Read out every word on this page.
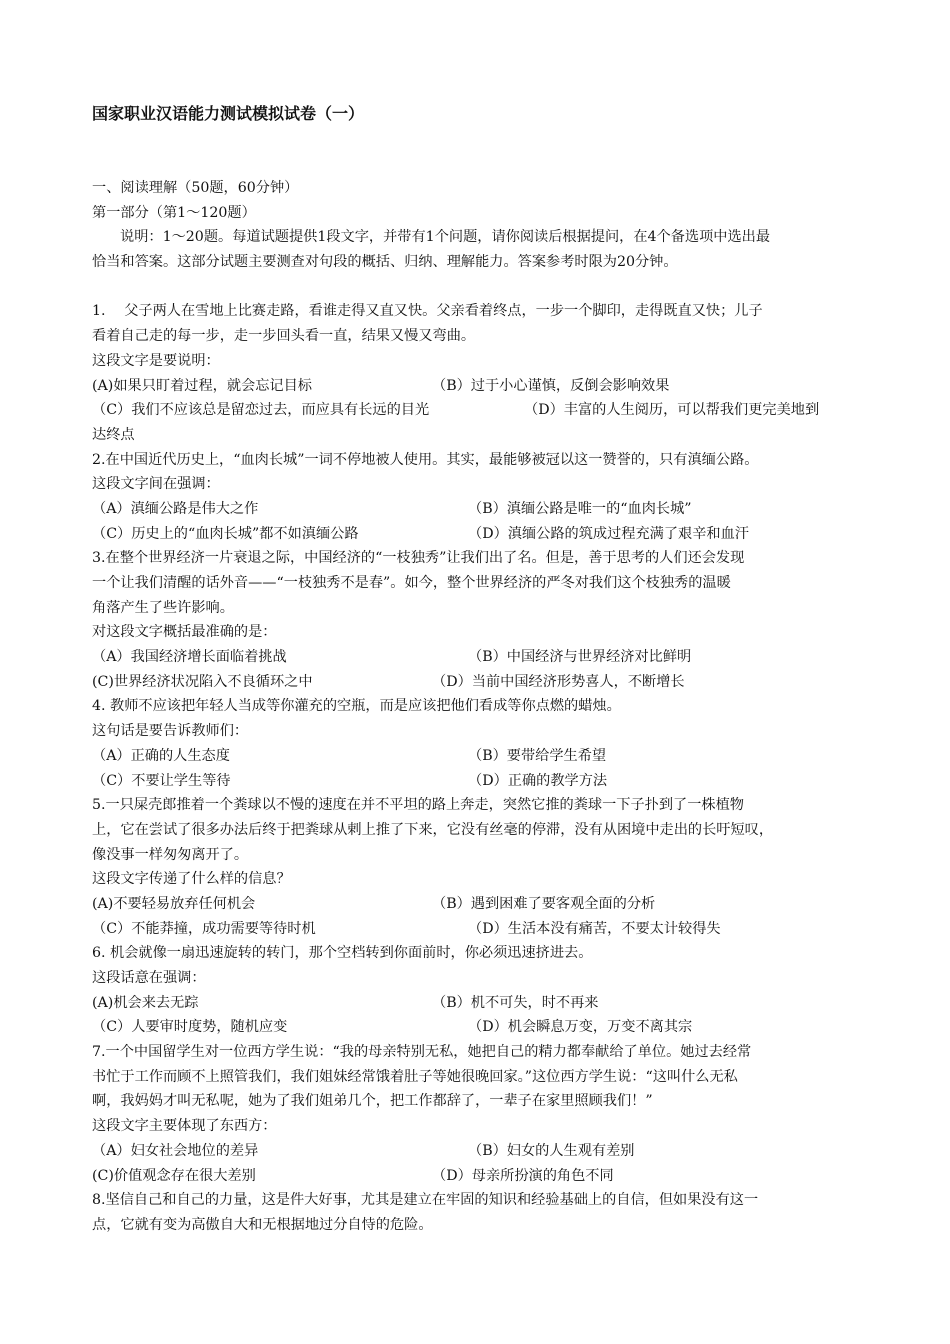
国家职业汉语能力测试模拟试卷（一）
一、阅读理解（50题，60分钟）
第一部分（第1～120题）
说明：1～20题。每道试题提供1段文字，并带有1个问题，请你阅读后根据提问，在4个备选项中选出最
恰当和答案。这部分试题主要测查对句段的概括、归纳、理解能力。答案参考时限为20分钟。
1.　 父子两人在雪地上比赛走路，看谁走得又直又快。父亲看着终点，一步一个脚印，走得既直又快；儿子
看着自己走的每一步，走一步回头看一直，结果又慢又弯曲。
这段文字是要说明：
(A)如果只盯着过程，就会忘记目标	（B）过于小心谨慎，反倒会影响效果
（C）我们不应该总是留恋过去，而应具有长远的目光	（D）丰富的人生阅历，可以帮我们更完美地到
达终点
2.在中国近代历史上，“血肉长城”一词不停地被人使用。其实，最能够被冠以这一赞誉的，只有滇缅公路。
这段文字间在强调：
（A）滇缅公路是伟大之作	（B）滇缅公路是唯一的“血肉长城”
（C）历史上的“血肉长城”都不如滇缅公路	（D）滇缅公路的筑成过程充满了艰辛和血汗
3.在整个世界经济一片衰退之际，中国经济的“一枝独秀”让我们出了名。但是，善于思考的人们还会发现
一个让我们清醒的话外音——“一枝独秀不是春”。如今，整个世界经济的严冬对我们这个枝独秀的温暖
角落产生了些许影响。
对这段文字概括最准确的是：
（A）我国经济增长面临着挑战	（B）中国经济与世界经济对比鲜明
(C)世界经济状况陷入不良循环之中	（D）当前中国经济形势喜人，不断增长
4. 教师不应该把年轻人当成等你灌充的空瓶，而是应该把他们看成等你点燃的蜡烛。
这句话是要告诉教师们：
（A）正确的人生态度	（B）要带给学生希望
（C）不要让学生等待	（D）正确的教学方法
5.一只屎壳郎推着一个粪球以不慢的速度在并不平坦的路上奔走，突然它推的粪球一下子扑到了一株植物
上，它在尝试了很多办法后终于把粪球从剌上推了下来，它没有丝毫的停滞，没有从困境中走出的长吁短叹，
像没事一样匆匆离开了。
这段文字传递了什么样的信息？
(A)不要轻易放弃任何机会	（B）遇到困难了要客观全面的分析
（C）不能莽撞，成功需要等待时机	（D）生活本没有痛苦，不要太计较得失
6. 机会就像一扇迅速旋转的转门，那个空档转到你面前时，你必须迅速挤进去。
这段话意在强调：
(A)机会来去无踪	（B）机不可失，时不再来
（C）人要审时度势，随机应变	（D）机会瞬息万变，万变不离其宗
7.一个中国留学生对一位西方学生说：“我的母亲特别无私，她把自己的精力都奉献给了单位。她过去经常
书忙于工作而顾不上照管我们，我们姐妹经常饿着肚子等她很晚回家。”这位西方学生说：“这叫什么无私
啊，我妈妈才叫无私呢，她为了我们姐弟几个，把工作都辞了，一辈子在家里照顾我们！”
这段文字主要体现了东西方：
（A）妇女社会地位的差异	（B）妇女的人生观有差别
(C)价值观念存在很大差别	（D）母亲所扮演的角色不同
8.坚信自己和自己的力量，这是件大好事，尤其是建立在牢固的知识和经验基础上的自信，但如果没有这一
点，它就有变为高傲自大和无根据地过分自恃的危险。
